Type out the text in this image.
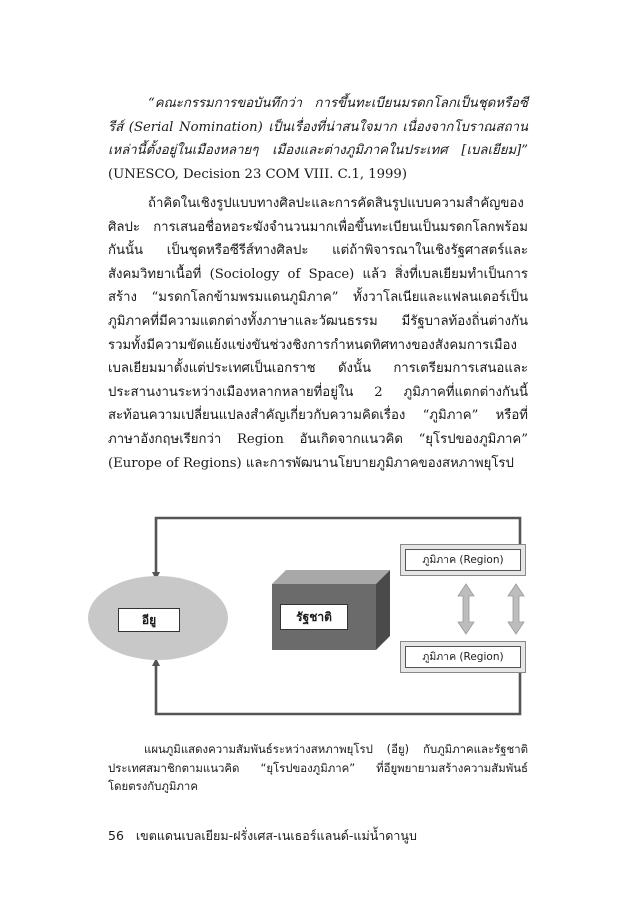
“คณะกรรมการขอบันทึกว่า การขึ้นทะเบียนมรดกโลกเป็นชุดหรือซีรีส์ (Serial Nomination) เป็นเรื่องที่น่าสนใจมาก เนื่องจากโบราณสถานเหล่านี้ตั้งอยู่ในเมืองหลายๆ เมืองและต่างภูมิภาคในประเทศ [เบลเยียม]” (UNESCO, Decision 23 COM VIII. C.1, 1999)

ถ้าคิดในเชิงรูปแบบทางศิลปะและการคัดสินรูปแบบความสำคัญของศิลปะ การเสนอชื่อหอระฆังจำนวนมากเพื่อขึ้นทะเบียนเป็นมรดกโลกพร้อมกันนั้น เป็นชุดหรือซีรีส์ทางศิลปะ แต่ถ้าพิจารณาในเชิงรัฐศาสตร์และสังคมวิทยาเนื้อที่ (Sociology of Space) แล้ว สิ่งที่เบลเยียมทำเป็นการสร้าง “มรดกโลกข้ามพรมแดนภูมิภาค” ทั้งวาโลเนียและแฟลนเดอร์เป็นภูมิภาคที่มีความแตกต่างทั้งภาษาและวัฒนธรรม มีรัฐบาลท้องถิ่นต่างกัน รวมทั้งมีความขัดแย้งแข่งขันช่วงชิงการกำหนดทิศทางของสังคมการเมืองเบลเยียมมาตั้งแต่ประเทศเป็นเอกราช ดังนั้น การเตรียมการเสนอและประสานงานระหว่างเมืองหลากหลายที่อยู่ใน 2 ภูมิภาคที่แตกต่างกันนี้ สะท้อนความเปลี่ยนแปลงสำคัญเกี่ยวกับความคิดเรื่อง “ภูมิภาค” หรือที่ภาษาอังกฤษเรียกว่า Region อันเกิดจากแนวคิด “ยุโรปของภูมิภาค” (Europe of Regions) และการพัฒนานโยบายภูมิภาคของสหภาพยุโรป

อียู	รัฐชาติ
ภูมิภาค (Region)
ภูมิภาค (Region)

แผนภูมิแสดงความสัมพันธ์ระหว่างสหภาพยุโรป (อียู) กับภูมิภาคและรัฐชาติ ประเทศสมาชิกตามแนวคิด “ยุโรปของภูมิภาค” ที่อียูพยายามสร้างความสัมพันธ์โดยตรงกับภูมิภาค

56 เขตแดนเบลเยียม-ฝรั่งเศส-เนเธอร์แลนด์-แม่น้ำดานูบ
